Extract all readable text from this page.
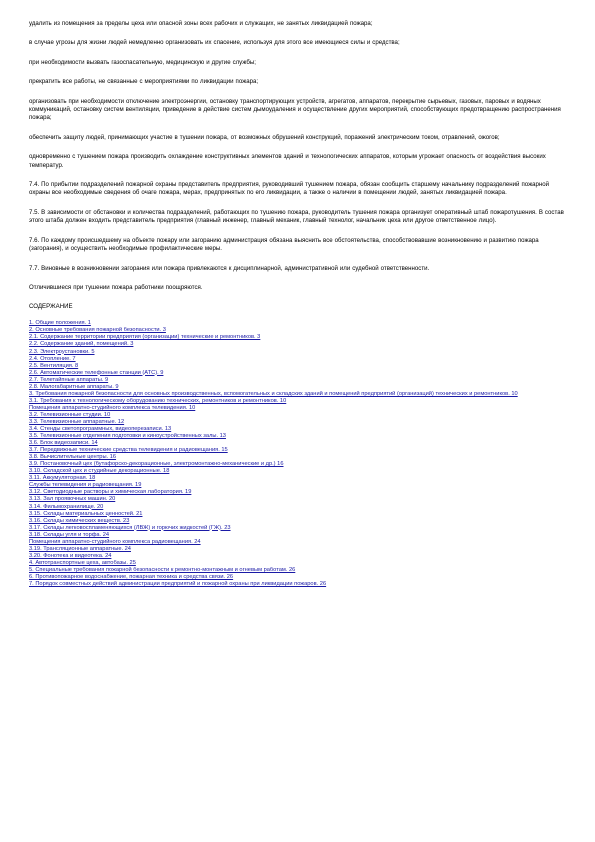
удалить из помещения за пределы цеха или опасной зоны всех рабочих и служащих, не занятых ликвидацией пожара;

в случае угрозы для жизни людей немедленно организовать их спасение, используя для этого все имеющиеся силы и средства;

при необходимости вызвать газоспасательную, медицинскую и другие службы;

прекратить все работы, не связанные с мероприятиями по ликвидации пожара;

организовать при необходимости отключение электроэнергии, остановку транспортирующих устройств, агрегатов, аппаратов, перекрытие сырьевых, газовых, паровых и водяных коммуникаций, остановку систем вентиляции, приведение в действие систем дымоудаления и осуществление других мероприятий, способствующих предотвращению распространения пожара;

обеспечить защиту людей, принимающих участие в тушении пожара, от возможных обрушений конструкций, поражений электрическим током, отравлений, ожогов;

одновременно с тушением пожара производить охлаждение конструктивных элементов зданий и технологических аппаратов, которым угрожает опасность от воздействия высоких температур.

7.4. По прибытии подразделений пожарной охраны представитель предприятия, руководивший тушением пожара, обязан сообщить старшему начальнику подразделений пожарной охраны все необходимые сведения об очаге пожара, мерах, предпринятых по его ликвидации, а также о наличии в помещении людей, занятых ликвидацией пожара.

7.5. В зависимости от обстановки и количества подразделений, работающих по тушению пожара, руководитель тушения пожара организует оперативный штаб пожаротушения. В состав этого штаба должен входить представитель предприятия (главный инженер, главный механик, главный технолог, начальник цеха или другое ответственное лицо).

7.6. По каждому происшедшему на объекте пожару или загоранию администрация обязана выяснить все обстоятельства, способствовавшие возникновению и развитию пожара (загорания), и осуществить необходимые профилактические меры.

7.7. Виновные в возникновении загорания или пожара привлекаются к дисциплинарной, административной или судебной ответственности.

Отличившиеся при тушении пожара работники поощряются.

СОДЕРЖАНИЕ

1. Общие положения. 1
2. Основные требования пожарной безопасности. 3
2.1. Содержание территории предприятия (организации) технические и ремонтников. 3
2.2. Содержание зданий, помещений. 3
2.3. Электроустановки. 5
2.4. Отопление. 7
2.5. Вентиляция. 8
2.6. Автоматические телефонные станции (АТС). 9
2.7. Телетайпные аппараты. 9
2.8. Малогабаритные аппараты. 9
3. Требования пожарной безопасности для основных производственных, вспомогательных и складских зданий и помещений предприятий (организаций) технических и ремонтников. 10
3.1. Требования к технологическому оборудованию технических, ремонтников и ремонтников. 10
Помещения аппаратно-студийного комплекса телевидения. 10
3.2. Телевизионные студии. 10
3.3. Телевизионные аппаратные. 12
3.4. Стенды светопрограммных, видеоперезаписи. 13
3.5. Телевизионные отделения подготовки и киноустройственных залы. 13
3.6. Блок видеозаписи. 14
3.7. Передвижные технические средства телевидения и радиовещания. 15
3.8. Вычислительные центры. 16
3.9. Постановочный цех (бутафорско-декорационные, электромонтажно-механические и др.) 16
3.10. Складской цех и студийные декорационные. 18
3.11. Аккумуляторная. 18
Службы телевидения и радиовещания. 19
3.12. Светодиодные растворы и химическая лаборатория. 19
3.13. Зал проявочных машин. 20
3.14. Фильмохранилище. 20
3.15. Склады материальных ценностей. 21
3.16. Склады химических веществ. 23
3.17. Склады легковоспламеняющихся (ЛВЖ) и горючих жидкостей (ГЖ). 23
3.18. Склады угля и торфа. 24
Помещения аппаратно-студийного комплекса радиовещания. 24
3.19. Трансляционные аппаратные. 24
3.20. Фонотека и видеотека. 24
4. Автотранспортные цеха, автобазы. 25
5. Специальные требования пожарной безопасности к ремонтно-монтажным и огневым работам. 26
6. Противопожарное водоснабжение, пожарная техника и средства связи. 26
7. Порядок совместных действий администрации предприятий и пожарной охраны при ликвидации пожаров. 26
